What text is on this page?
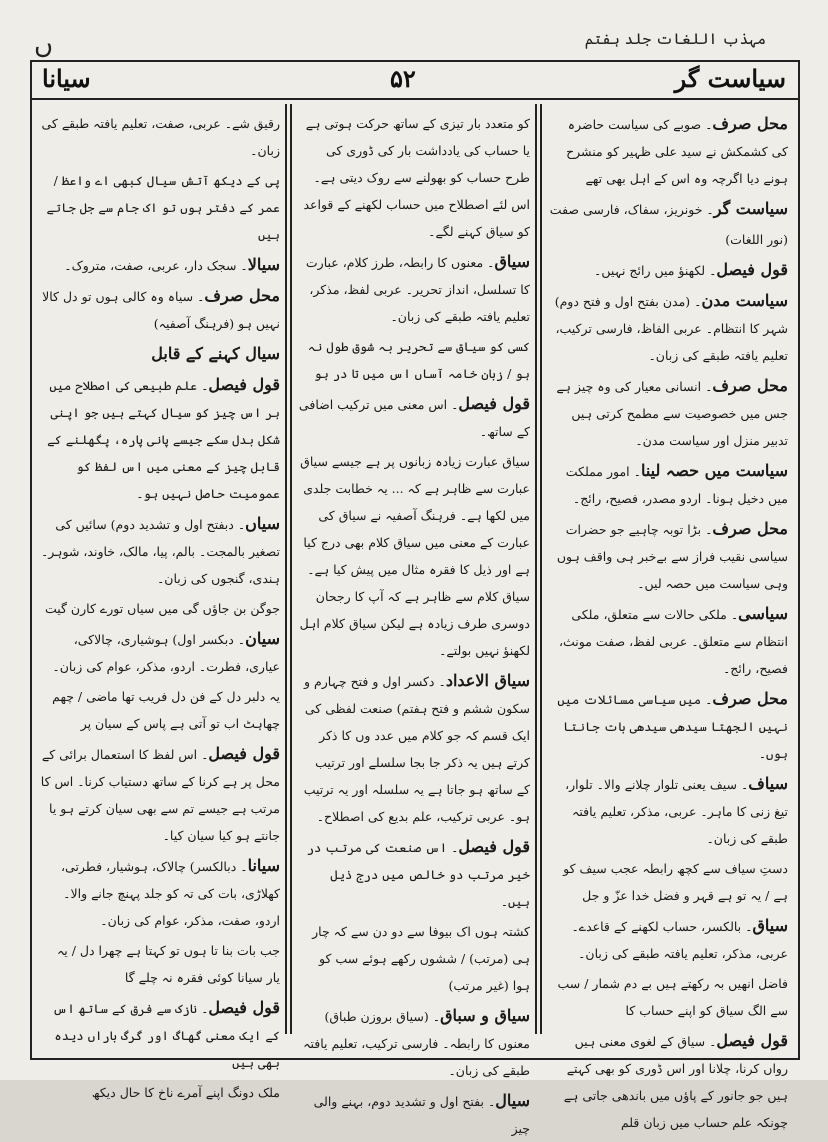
ں	مہذب اللغات جلد ہفتم
سیانا	۵۲	سیاست گر
محل صرف۔ صوبے کی سیاست حاضرہ کی کشمکش نے سید علی ظہیر کو منشرح ہونے دیا اگرچہ وہ اس کے اہل بھی تھے
سیاست گر۔ خونریز، سفاک، فارسی صفت
(نور اللغات)
قول فیصل۔ لکھنؤ میں رائج نہیں۔
سیاست مدن۔ (مدن بفتح اول و فتح دوم) شہر کا انتظام۔ عربی الفاظ، فارسی ترکیب، تعلیم یافتہ طبقے کی زبان۔
محل صرف۔ انسانی معیار کی وہ چیز ہے جس میں خصوصیت سے مطمح کرتی ہیں تدبیر منزل اور سیاست مدن۔
سیاست میں حصہ لینا۔ امور مملکت میں دخیل ہونا۔ اردو مصدر، فصیح، رائج۔
محل صرف۔ بڑا توبہ چاہیے جو حضرات سیاسی نقیب فراز سے بےخبر ہی واقف ہوں وہی سیاست میں حصہ لیں۔
سیاسی۔ ملکی حالات سے متعلق، ملکی انتظام سے متعلق۔ عربی لفظ، صفت مونث، فصیح، رائج۔
محل صرف۔ میں سیاسی مسائلات میں نہیں الجھتا سیدھی سیدھی بات جانتا ہوں۔
سیاف۔ سیف یعنی تلوار چلانے والا۔ تلوار، تیغ زنی کا ماہر۔ عربی، مذکر، تعلیم یافتہ طبقے کی زبان۔
دستِ سیاف سے کچھ رابطہ عجب سیف کو ہے / یہ تو ہے قہر و فضل خدا عزّ و جل
سیاق۔ بالکسر، حساب لکھنے کے قاعدے۔ عربی، مذکر، تعلیم یافتہ طبقے کی زبان۔
فاضل انھیں بہ رکھتے ہیں بے دم شمار / سب سے الگ سیاق کو اپنے حساب کا
قول فیصل۔ سیاق کے لغوی معنی ہیں رواں کرنا، چلانا اور اس ڈوری کو بھی کہتے ہیں جو جانور کے پاؤں میں باندھی جاتی ہے چونکہ علم حساب میں زبان قلم
کو متعدد بار تیزی کے ساتھ حرکت ہوتی ہے یا حساب کی یادداشت بار کی ڈوری کی طرح حساب کو بھولنے سے روک دیتی ہے۔ اس لئے اصطلاح میں حساب لکھنے کے قواعد کو سیاق کہنے لگے۔
سیاق۔ معنوں کا رابطہ، طرز کلام، عبارت کا تسلسل، انداز تحریر۔ عربی لفظ، مذکر، تعلیم یافتہ طبقے کی زبان۔
کسی کو سیاق سے تحریر بہ شوق طول نہ ہو / زبان خامہ آساں اس میں تا در ہو
قول فیصل۔ اس معنی میں ترکیب اضافی کے ساتھ۔
سیاق عبارت زیادہ زبانوں پر ہے جیسے سیاق عبارت سے ظاہر ہے کہ ... یہ خطابت جلدی میں لکھا ہے۔ فرہنگ آصفیہ نے سیاق کی عبارت کے معنی میں سیاق کلام بھی درج کیا ہے اور ذیل کا فقرہ مثال میں پیش کیا ہے۔ سیاق کلام سے ظاہر ہے کہ آپ کا رجحان دوسری طرف زیادہ ہے لیکن سیاق کلام اہل لکھنؤ نہیں بولتے۔
سیاق الاعداد۔ دکسر اول و فتح چہارم و سکون ششم و فتح ہفتم) صنعت لفظی کی ایک قسم کہ جو کلام میں عدد وں کا ذکر کرتے ہیں یہ ذکر جا بجا سلسلے اور ترتیب کے ساتھ ہو جاتا ہے یہ سلسلہ اور یہ ترتیب ہو۔ عربی ترکیب، علم بدیع کی اصطلاح۔
قول فیصل۔ اس صنعت کی مرتب در خیر مرتب دو خالص میں درج ذیل ہیں۔
کشتہ ہوں اک بیوفا سے دو دن سے کہ چار ہی (مرتب) / ششوں رکھے ہوئے سب کو ہوا (غیر مرتب)
سیاق و سباق۔ (سیاق بروزن طباق) معنوں کا رابطہ۔ فارسی ترکیب، تعلیم یافتہ طبقے کی زبان۔
سیال۔ بفتح اول و تشدید دوم، بہنے والی چیز
رقیق شے۔ عربی، صفت، تعلیم یافتہ طبقے کی زبان۔
پی کے دیکھ آتش سیال کبھی اے واعظ / عمر کے دفتر ہوں تو اک جام سے جل جاتے ہیں
سیالا۔ سجک دار، عربی، صفت، متروک۔
محل صرف۔ سیاہ وہ کالی ہوں تو دل کالا نہیں ہو (فرہنگ آصفیہ)
سیال کہنے کے قابل
قول فیصل۔ علم طبیعی کی اصطلاح میں ہر اس چیز کو سیال کہتے ہیں جو اپنی شکل بدل سکے جیسے پانی پارہ، پگھلنے کے قابل چیز کے معنی میں اس لفظ کو عمومیت حاصل نہیں ہو۔
سیاں۔ دبفتح اول و تشدید دوم) سائیں کی تصغیر بالمجت۔ بالم، پیا، مالک، خاوند، شوہر۔ ہندی، گنجوں کی زبان۔
جوگن بن جاؤں گی میں سیاں تورے کارن گیت
سیان۔ دبکسر اول) ہوشیاری، چالاکی، عیاری، فطرت۔ اردو، مذکر، عوام کی زبان۔
یہ دلبر دل کے فن دل فریب تھا ماضی / چھم چھاہٹ اب تو آتی ہے پاس کے سیان پر
قول فیصل۔ اس لفظ کا استعمال برائی کے محل پر ہے کرنا کے ساتھ دستیاب کرنا۔ اس کا مرتب ہے جیسے تم سے بھی سیان کرتے ہو یا جانتے ہو کیا سیان کیا۔
سیانا۔ دبالکسر) چالاک، ہوشیار، فطرتی، کھلاڑی، بات کی تہ کو جلد پہنچ جانے والا۔ اردو، صفت، مذکر، عوام کی زبان۔
جب بات بنا تا ہوں تو کہتا ہے چھرا دل / یہ یار سیانا کوئی فقرہ نہ چلے گا
قول فیصل۔ نازک سے فرق کے ساتھ اس کے ایک معنی گھاگ اور گرگ باراں دیدہ بھی ہیں
ملک دونگ اپنے آمرے ناخ کا حال دیکھ
